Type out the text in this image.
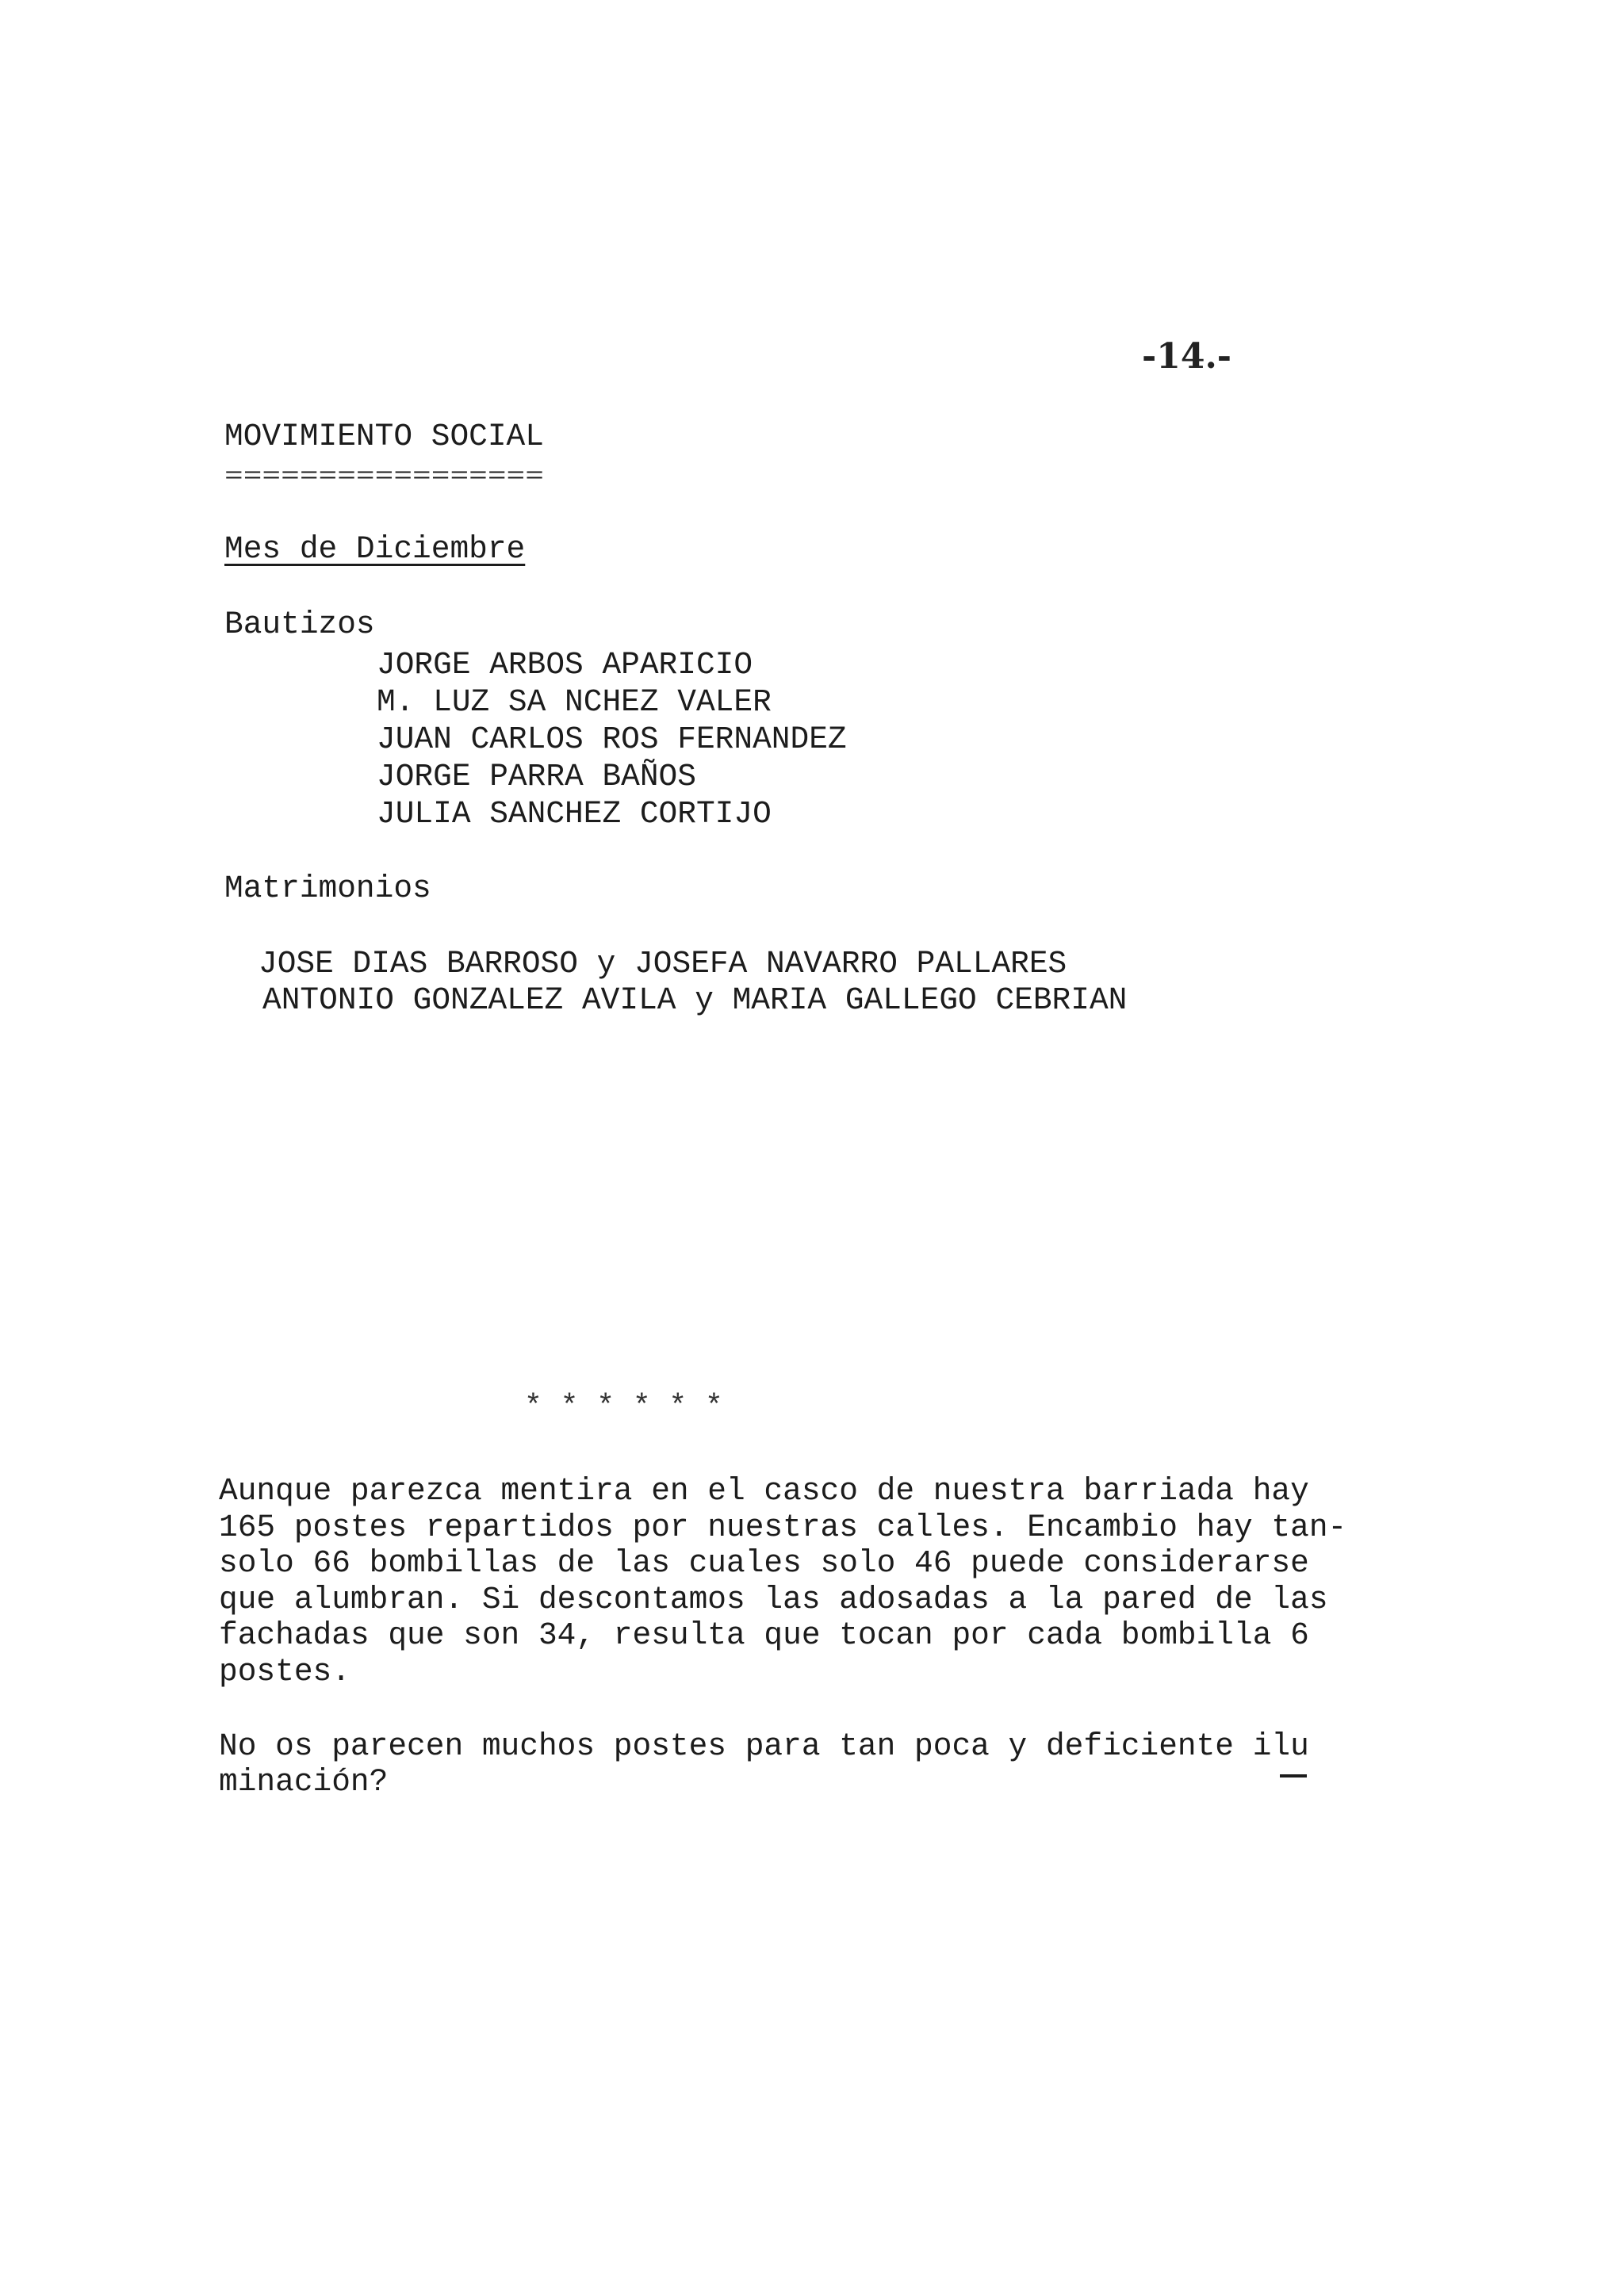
-14.-
MOVIMIENTO SOCIAL
=================
Mes de Diciembre
Bautizos
JORGE ARBOS APARICIO
M. LUZ SA NCHEZ VALER
JUAN CARLOS ROS FERNANDEZ
JORGE PARRA BAÑOS
JULIA SANCHEZ CORTIJO
Matrimonios
JOSE DIAS BARROSO y JOSEFA NAVARRO PALLARES
ANTONIO GONZALEZ AVILA y MARIA GALLEGO CEBRIAN
* * * * * *
Aunque parezca mentira en el casco de nuestra barriada hay
165 postes repartidos por nuestras calles. Encambio hay tan-
solo 66 bombillas de las cuales solo 46 puede considerarse
que alumbran. Si descontamos las adosadas a la pared de las
fachadas que son 34, resulta que tocan por cada bombilla 6
postes.
No os parecen muchos postes para tan poca y deficiente ilu
minación?
